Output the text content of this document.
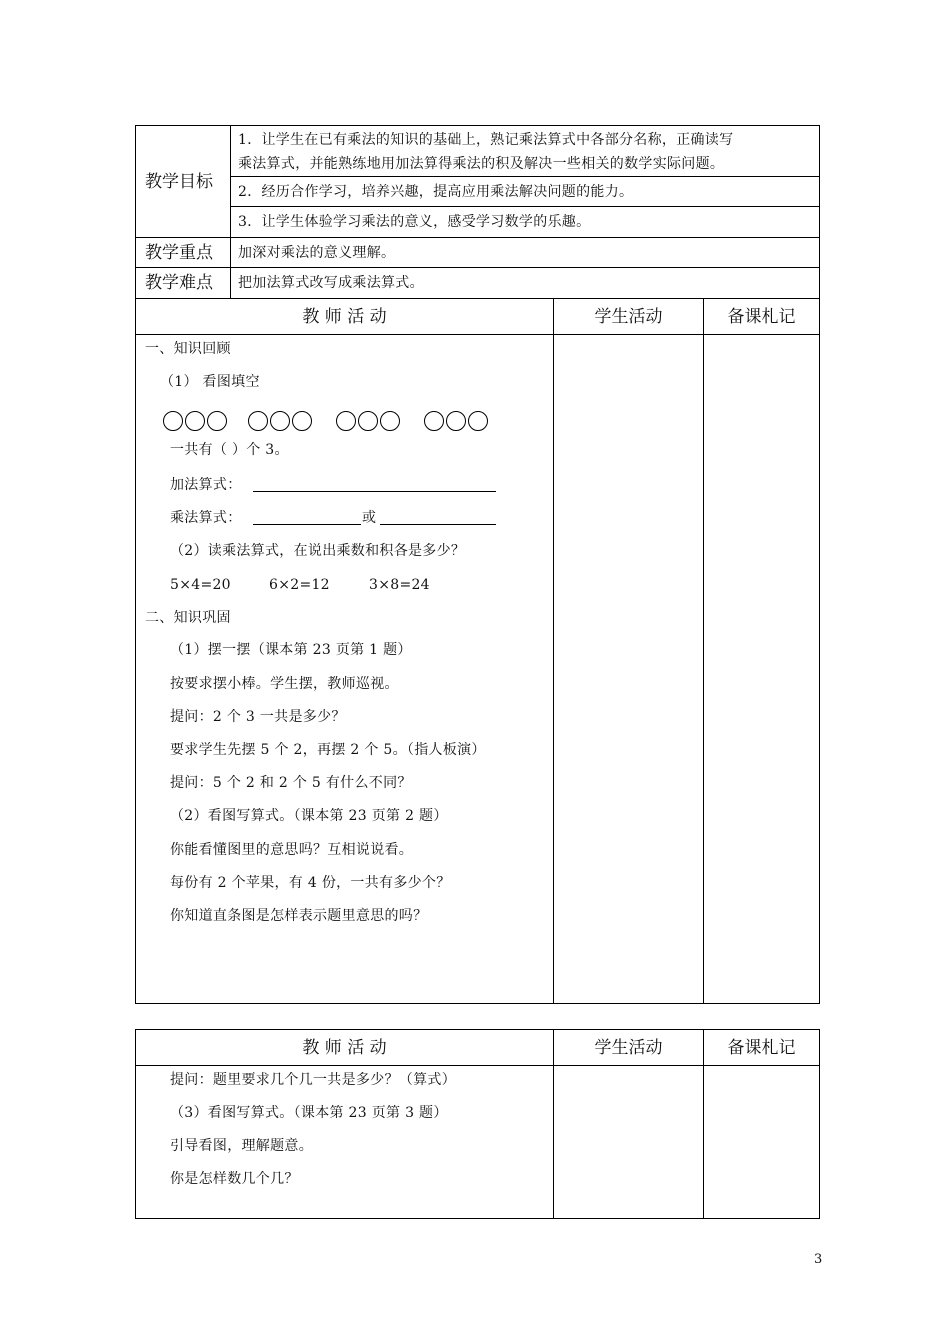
教学目标
1．让学生在已有乘法的知识的基础上，熟记乘法算式中各部分名称，正确读写
乘法算式，并能熟练地用加法算得乘法的积及解决一些相关的数学实际问题。
2．经历合作学习，培养兴趣，提高应用乘法解决问题的能力。
3．让学生体验学习乘法的意义，感受学习数学的乐趣。
教学重点 加深对乘法的意义理解。
教学难点 把加法算式改写成乘法算式。
教 师 活 动	学生活动	备课札记
一、知识回顾
（1） 看图填空
一共有（ ）个 3。
加法算式：
乘法算式：	或
（2）读乘法算式，在说出乘数和积各是多少？
5×4=20	6×2=12	3×8=24
二、知识巩固
（1）摆一摆（课本第 23 页第 1 题）
按要求摆小棒。学生摆，教师巡视。
提问：2 个 3 一共是多少？
要求学生先摆 5 个 2，再摆 2 个 5。（指人板演）
提问：5 个 2 和 2 个 5 有什么不同？
（2）看图写算式。（课本第 23 页第 2 题）
你能看懂图里的意思吗？互相说说看。
每份有 2 个苹果，有 4 份，一共有多少个？
你知道直条图是怎样表示题里意思的吗？
教 师 活 动	学生活动	备课札记
提问：题里要求几个几一共是多少？（算式）
（3）看图写算式。（课本第 23 页第 3 题）
引导看图，理解题意。
你是怎样数几个几？
3
